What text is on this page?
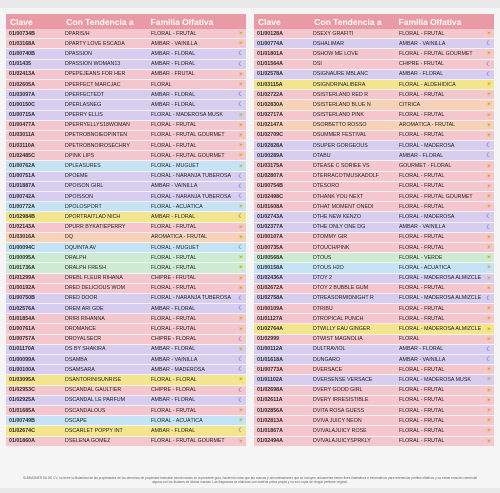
Clave	Con Tendencia a	Familia Olfativa
01/00734B	DPARIS/H	FLORAL - FRUTAL	☀
01/03168A	DPARTY LOVE ESCADA	ÁMBAR - VAINILLA	☀
01/00740B	DPASSION	ÁMBAR - FLORAL	☾
01/01435	DPASSION WOMAN13	ÁMBAR - FLORAL	☾
01/02413A	DPEPEJEANS FOR HER	ÁMBAR - FRUTAL	☀
01/02605A	DPERFECT MARCJAC	FLORAL	☀
01/03097A	DPERFECTEDT	ÁMBAR - FLORAL	☾
01/00150C	DPERLASNEG	ÁMBAR - FLORAL	☾
01/00715A	DPERRY ELLIS	FLORAL - MADEROSA MUSK	☀
01/00477A	DPERRYELLYS18WOMAN	FLORAL - FRUTAL	☀
01/03011A	DPETROBNOIEOPINTEN	FLORAL - FRUTAL GOURMET	☀
01/03110A	DPETROBNOIROSECHRY	FLORAL - FRUTAL	☀
01/02485C	DPINK LIPS	FLORAL - FRUTAL GOURMET	☀
01/00762A	DPLEASURES	FLORAL - MUGUET	☀
01/00751A	DPOEME	FLORAL - NARANJA TUBEROSA	☾
01/01887A	DPOISON GIRL	ÁMBAR - VAINILLA	☾
01/00742A	DPOISSON	FLORAL - NARANJA TUBEROSA	☾
01/00772A	DPOLOSPORT	FLORAL - ACUÁTICA	☀
01/02984B	DPORTRAITLAD NICH	ÁMBAR - FLORAL	☾
01/02143A	DPURR BYKATIEPERRY	FLORAL - FRUTAL	☀
01/03016A	DQ	AROMÁTICA - FRUTAL	☀
01/00094C	DQUINTA AV	FLORAL - MUGUET	☾
01/00095A	DRALPH	FLORAL - FRUTAL	☀
01/01736A	DRALPH FRESH	FLORAL - FRUTAL	☀
01/01299A	DREBL FLEUR RIHANA	CHIPRE - FRUTAL	☀
01/00192A	DRED DELICIOUS WOM	FLORAL - FRUTAL	☀
01/00750B	DRED DOOR	FLORAL - NARANJA TUBEROSA	☾
01/02576A	DREM ARI GDE	ÁMBAR - FLORAL	☾
01/01854A	DRIRI RIHANNA	FLORAL - FRUTAL	☀
01/00761A	DROMANCE	FLORAL - FRUTAL	☀
01/00757A	DROYALSECR	CHIPRE - FLORAL	☾
01/01170A	DS BY SHAKIRA	ÁMBAR - FLORAL	☀
01/00099A	DSAMBA	ÁMBAR - VAINILLA	☾
01/00100A	DSAMSARA	ÁMBAR - MADEROSA	☾
01/03095A	DSANTORINISUNRISE	FLORAL - FLORAL	☀
01/02953C	DSCANDAL GAULTIER	CHIPRE - FLORAL	☾
01/02925A	DSCANDAL LE PARFUM	ÁMBAR - FLORAL	☾
01/01685A	DSCANDALOUS	FLORAL - FRUTAL	☀
01/00749B	DSCAPE	FLORAL - ACUÁTICA	☀
01/02674C	DSCARLET POPPY INT	ÁMBAR - FLORAL	☾
01/01860A	DSELENA GOMEZ	FLORAL - FRUTAL GOURMET	☀
Clave	Con Tendencia a	Familia Olfativa
01/00128A	DSEXY GRAFITI	FLORAL - FRUTAL	☀
01/00774A	DSHALIMAR	ÁMBAR - VAINILLA	☾
01/01801A	DSHOW ME LOVE	FLORAL - FRUTAL GOURMET	☀
01/01564A	DSI	CHIPRE - FRUTAL	☾
01/02578A	DSIGNAURE MBLANC	ÁMBAR - FLORAL	☾
01/03115A	DSIGNORINALIBERA	FLORAL - ALDEHÍDICA	☀
01/02722A	DSISTERLAND RED R	FLORAL - FRUTAL	☀
01/02830A	DSISTERLAND BLUE N	CÍTRICA	☀
01/02717A	DSISTERLAND PINK	FLORAL - FRUTAL	☀
01/02147A	DSORBETTO ROSSO	AROMÁTICA - FRUTAL	☀
01/02709C	DSUMMER FESTIVAL	FLORAL - FRUTAL	☀
01/02828A	DSUPER GORGEOUS	FLORAL - MADEROSA	☾
01/00289A	DTABU	ÁMBAR - FLORAL	☾
01/03175A	DTEASE C SORIEE VS	GOURMET - FLORAL	☀
01/02807A	DTERRACOTMUSKADOLF	FLORAL - FRUTAL	☀
01/00754B	DTESORO	FLORAL - FRUTAL	☀
01/02498C	DTHANK YOU NEXT	FLORAL - FRUTAL GOURMET	☀
01/01608A	DTHAT MOMENT ONEDI	FLORAL - FRUTAL	☀
01/02743A	DTHE NEW KENZO	FLORAL - MADEROSA	☾
01/02377A	DTHE ONLY ONE DG	ÁMBAR - VAINILLA	☾
01/00107A	DTOMMY GIR	FLORAL - FRUTAL	☀
01/00735A	DTOUCH/PINK	FLORAL - FRUTAL	☀
01/00568A	DTOUS	FLORAL - VERDE	☀
01/00158A	DTOUS H2O	FLORAL - ACUÁTICA	☀
01/02436A	DTOY 2	FLORAL - MADEROSA ALMIZCLE ☀
01/02672A	DTOY 2 BUBBLE GUM	FLORAL - FRUTAL	☀
01/02758A	DTREASORMIDNIGHT R	FLORAL - MADEROSA ALMIZCLE ☾
01/00109A	DTRIBU	FLORAL - FRUTAL	☀
01/01127A	DTROPICAL PUNCH	FLORAL - FRUTAL	☀
01/02764A	DTWILLY EAU GINGER	FLORAL - MADEROSA ALMIZCLE ☀
01/02999	DTWIST MAGNOLIA	FLORAL	☀
01/00112A	DULTRAVIOL	ÁMBAR - FLORAL	☾
01/01618A	DUNGARO	ÁMBAR - VAINILLA	☾
01/00773A	DVERSACE	FLORAL - FRUTAL	☀
01/01102A	DVERSENSE VERSACE	FLORAL - MADEROSA MUSK	☀
01/02698A	DVERY GOOD GIRL	FLORAL - FRUTAL	☀
01/02611A	DVERY IRRESISTIBLE	FLORAL - FRUTAL	☀
01/02856A	DVITA ROSA GUESS	FLORAL - FRUTAL	☀
01/02813A	DVIVA JUICY NEON	FLORAL - FRUTAL	☀
01/01867A	DVIVALAJUICY ROSE	FLORAL - FRUTAL	☀
01/02494A	DVIVALAJUICYSPRKLY	FLORAL - FRUTAL	☀
SUMMONER SA DE CV, no tiene la titularidad de las propiedades de los derechos de propiedad industrial mencionados en la presente guía, haciendo notar que las marcas y denominaciones que se incluyen únicamente tienen fines ilustrativos e informativos para referenciar perfiles olfativos y no existe relación comercial alguna con los titulares de dichas marcas. Las fragancias se elaboran con materia prima propia y no son copia de ningún perfume original.
